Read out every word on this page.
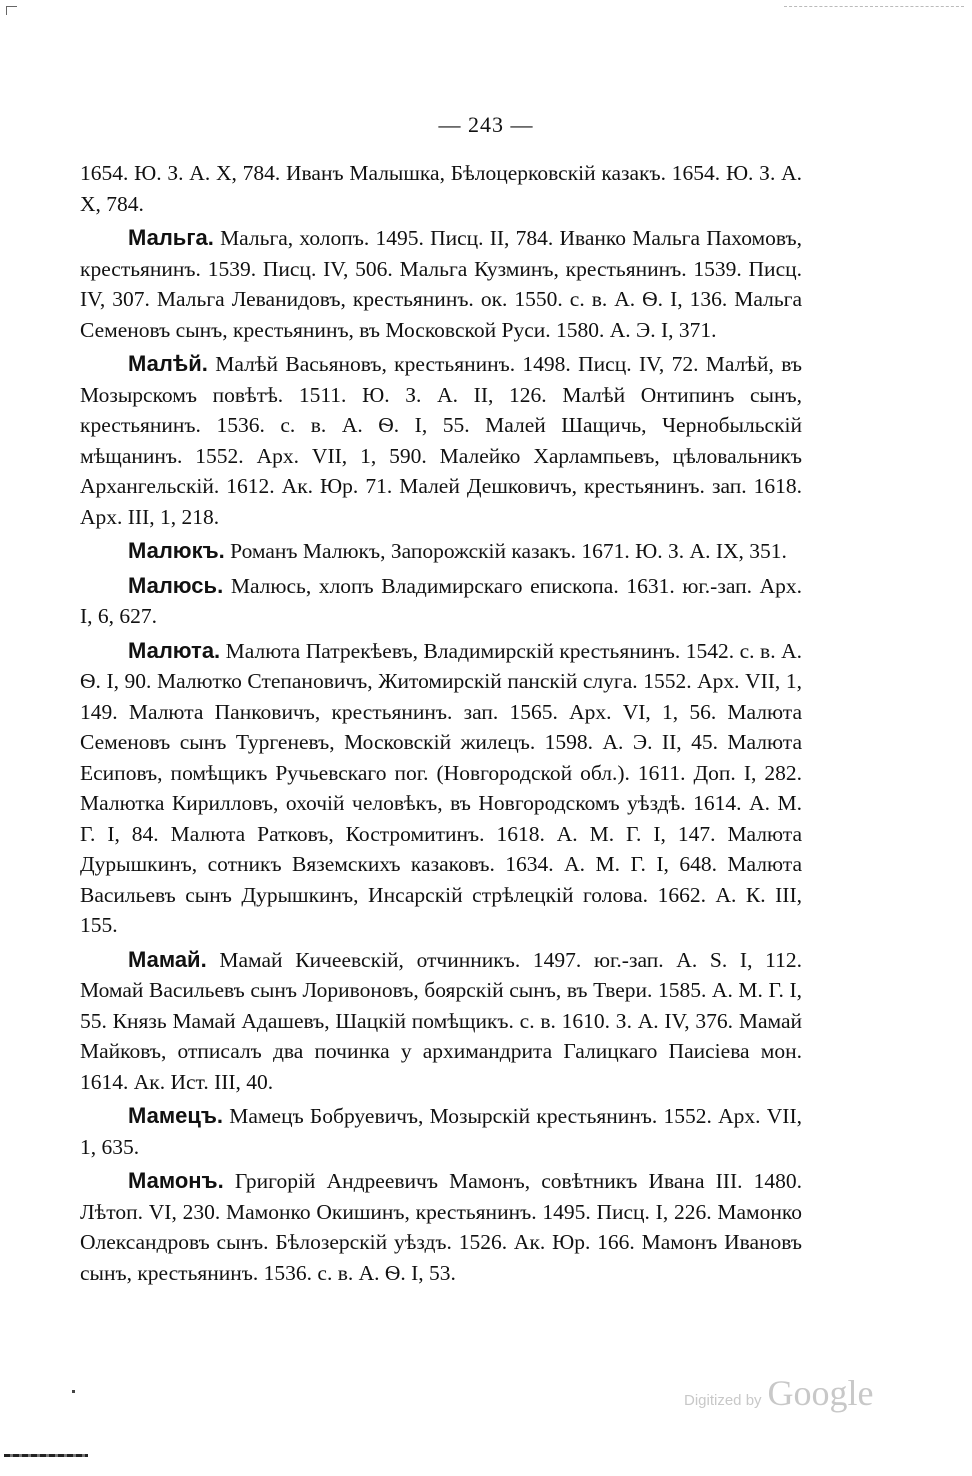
— 243 —

1654. Ю. З. А. X, 784. Иванъ Малышка, Бѣлоцерковскій казакъ. 1654. Ю. З. А. X, 784.

Мальга. Мальга, холопъ. 1495. Писц. II, 784. Иванко Мальга Пахомовъ, крестьянинъ. 1539. Писц. IV, 506. Мальга Кузминъ, крестьянинъ. 1539. Писц. IV, 307. Мальга Леванидовъ, крестьянинъ. ок. 1550. с. в. А. Ѳ. I, 136. Мальга Семеновъ сынъ, крестьянинъ, въ Московской Руси. 1580. А. Э. I, 371.

Малѣй. Малѣй Васьяновъ, крестьянинъ. 1498. Писц. IV, 72. Малѣй, въ Мозырскомъ повѣтѣ. 1511. Ю. З. А. II, 126. Малѣй Онтипинъ сынъ, крестьянинъ. 1536. с. в. А. Ѳ. I, 55. Малей Шащичь, Чернобыльскій мѣщанинъ. 1552. Арх. VII, 1, 590. Малейко Харлампьевъ, цѣловальникъ Архангельскій. 1612. Ак. Юр. 71. Малей Дешковичъ, крестьянинъ. зап. 1618. Арх. III, 1, 218.

Малюкъ. Романъ Малюкъ, Запорожскій казакъ. 1671. Ю. З. А. IX, 351.

Малюсь. Малюсь, хлопъ Владимирскаго епископа. 1631. юг.-зап. Арх. I, 6, 627.

Малюта. Малюта Патрекѣевъ, Владимирскій крестьянинъ. 1542. с. в. А. Ѳ. I, 90. Малютко Степановичъ, Житомирскій панскій слуга. 1552. Арх. VII, 1, 149. Малюта Панковичъ, крестьянинъ. зап. 1565. Арх. VI, 1, 56. Малюта Семеновъ сынъ Тургеневъ, Московскій жилецъ. 1598. А. Э. II, 45. Малюта Есиповъ, помѣщикъ Ручьевскаго пог. (Новгородской обл.). 1611. Доп. I, 282. Малютка Кирилловъ, охочій человѣкъ, въ Новгородскомъ уѣздѣ. 1614. А. М. Г. I, 84. Малюта Ратковъ, Костромитинъ. 1618. А. М. Г. I, 147. Малюта Дурышкинъ, сотникъ Вяземскихъ казаковъ. 1634. А. М. Г. I, 648. Малюта Васильевъ сынъ Дурышкинъ, Инсарскій стрѣлецкій голова. 1662. А. К. III, 155.

Мамай. Мамай Кичеевскій, отчинникъ. 1497. юг.-зап. А. S. I, 112. Момай Васильевъ сынъ Лоривоновъ, боярскій сынъ, въ Твери. 1585. А. М. Г. I, 55. Князь Мамай Адашевъ, Шацкій помѣщикъ. с. в. 1610. З. А. IV, 376. Мамай Майковъ, отписалъ два починка у архимандрита Галицкаго Паисіева мон. 1614. Ак. Ист. III, 40.

Мамецъ. Мамецъ Бобруевичъ, Мозырскій крестьянинъ. 1552. Арх. VII, 1, 635.

Мамонъ. Григорій Андреевичъ Мамонъ, совѣтникъ Ивана III. 1480. Лѣтоп. VI, 230. Мамонко Окишинъ, крестьянинъ. 1495. Писц. I, 226. Мамонко Олександровъ сынъ. Бѣлозерскій уѣздъ. 1526. Ак. Юр. 166. Мамонъ Ивановъ сынъ, крестьянинъ. 1536. с. в. А. Ѳ. I, 53.

Digitized by Google
